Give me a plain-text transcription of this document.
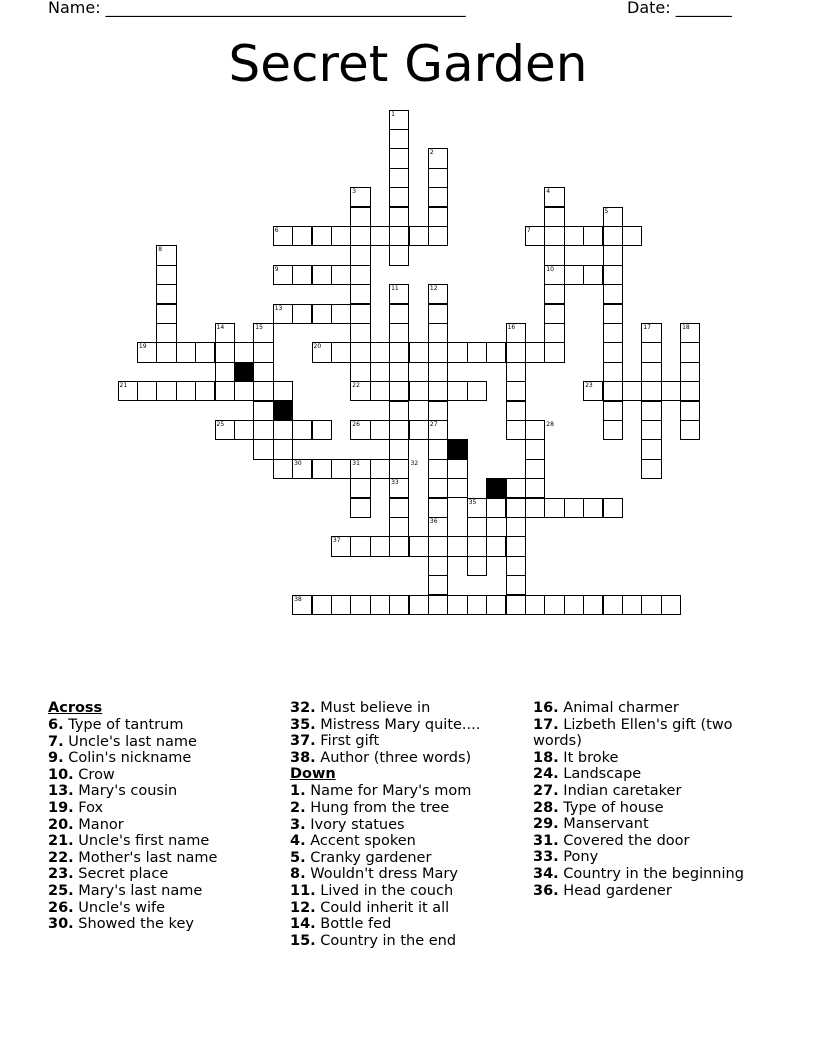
Name: _____________________________________________	Date: _______
Secret Garden
1
2
3	4
5
6	7
8
9	10
11	12
13
14	15	16	17	18
19	20
21	22	23
24
25	26	27	28
29
30	31	32
33	34
35
36
37
38
Across
6. Type of tantrum
7. Uncle's last name
9. Colin's nickname
10. Crow
13. Mary's cousin
19. Fox
20. Manor
21. Uncle's first name
22. Mother's last name
23. Secret place
25. Mary's last name
26. Uncle's wife
30. Showed the key
32. Must believe in
35. Mistress Mary quite....
37. First gift
38. Author (three words)
Down
1. Name for Mary's mom
2. Hung from the tree
3. Ivory statues
4. Accent spoken
5. Cranky gardener
8. Wouldn't dress Mary
11. Lived in the couch
12. Could inherit it all
14. Bottle fed
15. Country in the end
16. Animal charmer
17. Lizbeth Ellen's gift (two words)
18. It broke
24. Landscape
27. Indian caretaker
28. Type of house
29. Manservant
31. Covered the door
33. Pony
34. Country in the beginning
36. Head gardener
